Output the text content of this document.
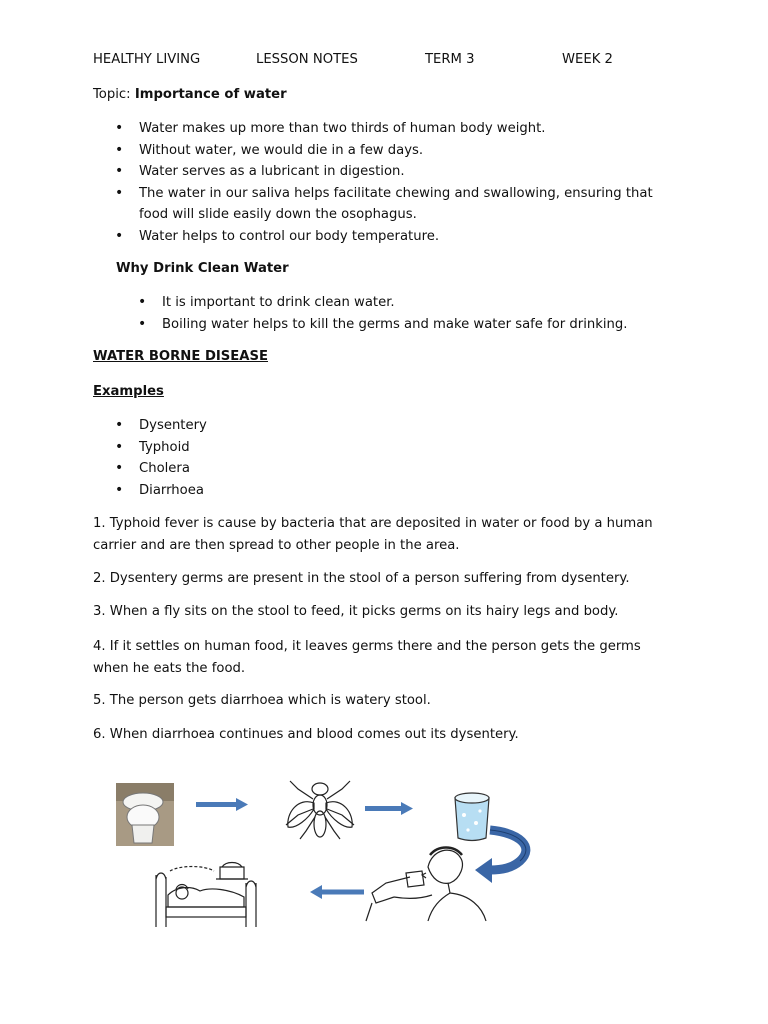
HEALTHY LIVING	LESSON NOTES	TERM 3	WEEK 2
Topic: Importance of water
• Water makes up more than two thirds of human body weight.
• Without water, we would die in a few days.
• Water serves as a lubricant in digestion.
• The water in our saliva helps facilitate chewing and swallowing, ensuring that food will slide easily down the osophagus.
• Water helps to control our body temperature.
Why Drink Clean Water
• It is important to drink clean water.
• Boiling water helps to kill the germs and make water safe for drinking.
WATER BORNE DISEASE
Examples
• Dysentery
• Typhoid
• Cholera
• Diarrhoea
1. Typhoid fever is cause by bacteria that are deposited in water or food by a human carrier and are then spread to other people in the area.
2. Dysentery germs are present in the stool of a person suffering from dysentery.
3. When a fly sits on the stool to feed, it picks germs on its hairy legs and body.
4. If it settles on human food, it leaves germs there and the person gets the germs when he eats the food.
5. The person gets diarrhoea which is watery stool.
6. When diarrhoea continues and blood comes out its dysentery.
